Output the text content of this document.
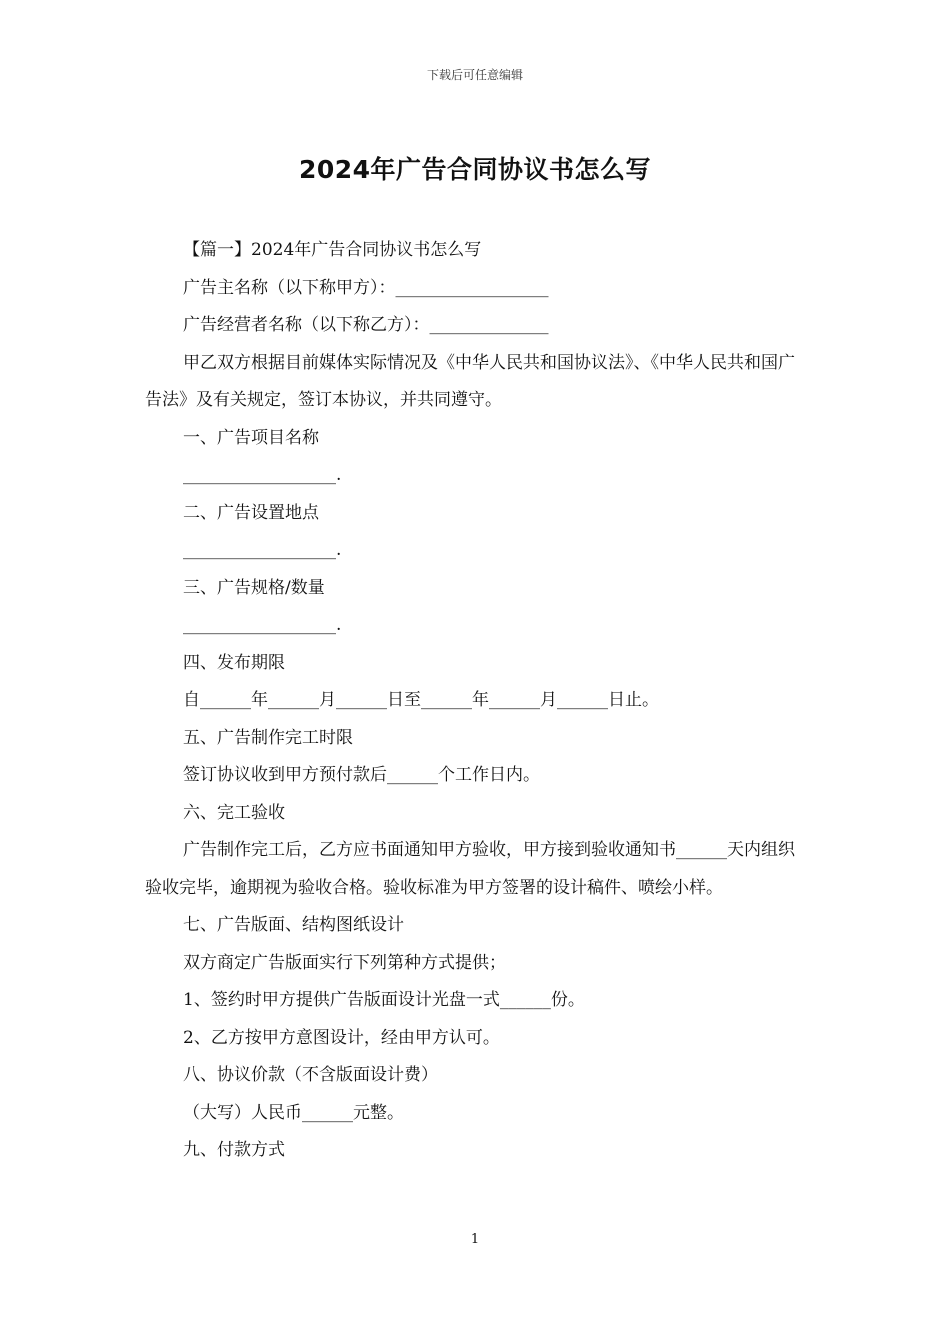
下载后可任意编辑
2024年广告合同协议书怎么写

【篇一】2024年广告合同协议书怎么写

广告主名称（以下称甲方）：__________________

广告经营者名称（以下称乙方）：______________

甲乙双方根据目前媒体实际情况及《中华人民共和国协议法》、《中华人民共和国广告法》及有关规定，签订本协议，并共同遵守。

一、广告项目名称

__________________.

二、广告设置地点

__________________.

三、广告规格/数量

__________________.

四、发布期限

自______年______月______日至______年______月______日止。

五、广告制作完工时限

签订协议收到甲方预付款后______个工作日内。

六、完工验收

广告制作完工后，乙方应书面通知甲方验收，甲方接到验收通知书______天内组织验收完毕，逾期视为验收合格。验收标准为甲方签署的设计稿件、喷绘小样。

七、广告版面、结构图纸设计

双方商定广告版面实行下列第种方式提供；

1、签约时甲方提供广告版面设计光盘一式______份。

2、乙方按甲方意图设计，经由甲方认可。

八、协议价款（不含版面设计费）

（大写）人民币______元整。

九、付款方式

1
